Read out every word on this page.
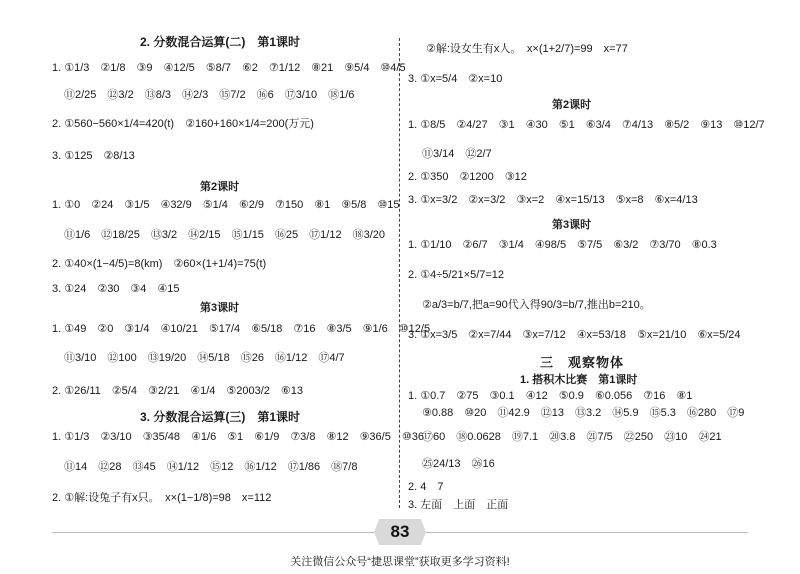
2. 分数混合运算(二)　第1课时
1. ①1/3　②1/8　③9　④12/5　⑤8/7　⑥2　⑦1/12　⑧21　⑨5/4　⑩4/5
⑪2/25　⑫3/2　⑬8/3　⑭2/3　⑮7/2　⑯6　⑰3/10　⑱1/6
2. ①560−560×1/4=420(t)　②160+160×1/4=200(万元)
3. ①125　②8/13
第2课时
1. ①0　②24　③1/5　④32/9　⑤1/4　⑥2/9　⑦150　⑧1　⑨5/8　⑩15
⑪1/6　⑫18/25　⑬3/2　⑭2/15　⑮1/15　⑯25　⑰1/12　⑱3/20
2. ①40×(1−4/5)=8(km)　②60×(1+1/4)=75(t)
3. ①24　②30　③4　④15
第3课时
1. ①49　②0　③1/4　④10/21　⑤17/4　⑥5/18　⑦16　⑧3/5　⑨1/6　⑩12/5
⑪3/10　⑫100　⑬19/20　⑭5/18　⑮26　⑯1/12　⑰4/7
2. ①26/11　②5/4　③2/21　④1/4　⑤2003/2　⑥13
3. 分数混合运算(三)　第1课时
1. ①1/3　②3/10　③35/48　④1/6　⑤1　⑥1/9　⑦3/8　⑧12　⑨36/5　⑩36
⑪14　⑫28　⑬45　⑭1/12　⑮12　⑯1/12　⑰1/86　⑱7/8
2. ①解:设兔子有x只。　x×(1−1/8)=98　x=112
②解:设女生有x人。　x×(1+2/7)=99　x=77
3. ①x=5/4　②x=10
第2课时
1. ①8/5　②4/27　③1　④30　⑤1　⑥3/4　⑦4/13　⑧5/2　⑨13　⑩12/7
⑪3/14　⑫2/7
2. ①350　②1200　③12
3. ①x=3/2　②x=3/2　③x=2　④x=15/13　⑤x=8　⑥x=4/13
第3课时
1. ①1/10　②6/7　③1/4　④98/5　⑤7/5　⑥3/2　⑦3/70　⑧0.3
2. ①4÷5/21×5/7=12
②a/3=b/7,把a=90代入得90/3=b/7,推出b=210。
3. ①x=3/5　②x=7/44　③x=7/12　④x=53/18　⑤x=21/10　⑥x=5/24
三　观察物体
1. 搭积木比赛　第1课时
1. ①0.7　②75　③0.1　④12　⑤0.9　⑥0.056　⑦16　⑧1
⑨0.88　⑩20　⑪42.9　⑫13　⑬3.2　⑭5.9　⑮5.3　⑯280　⑰9
⑰60　⑱0.0628　⑲7.1　⑳3.8　㉑7/5　㉒250　㉓10　㉔21
㉕24/13　㉖16
2. 4　7
3. 左面　上面　正面
83
关注微信公众号“捷思课堂”获取更多学习资料!
